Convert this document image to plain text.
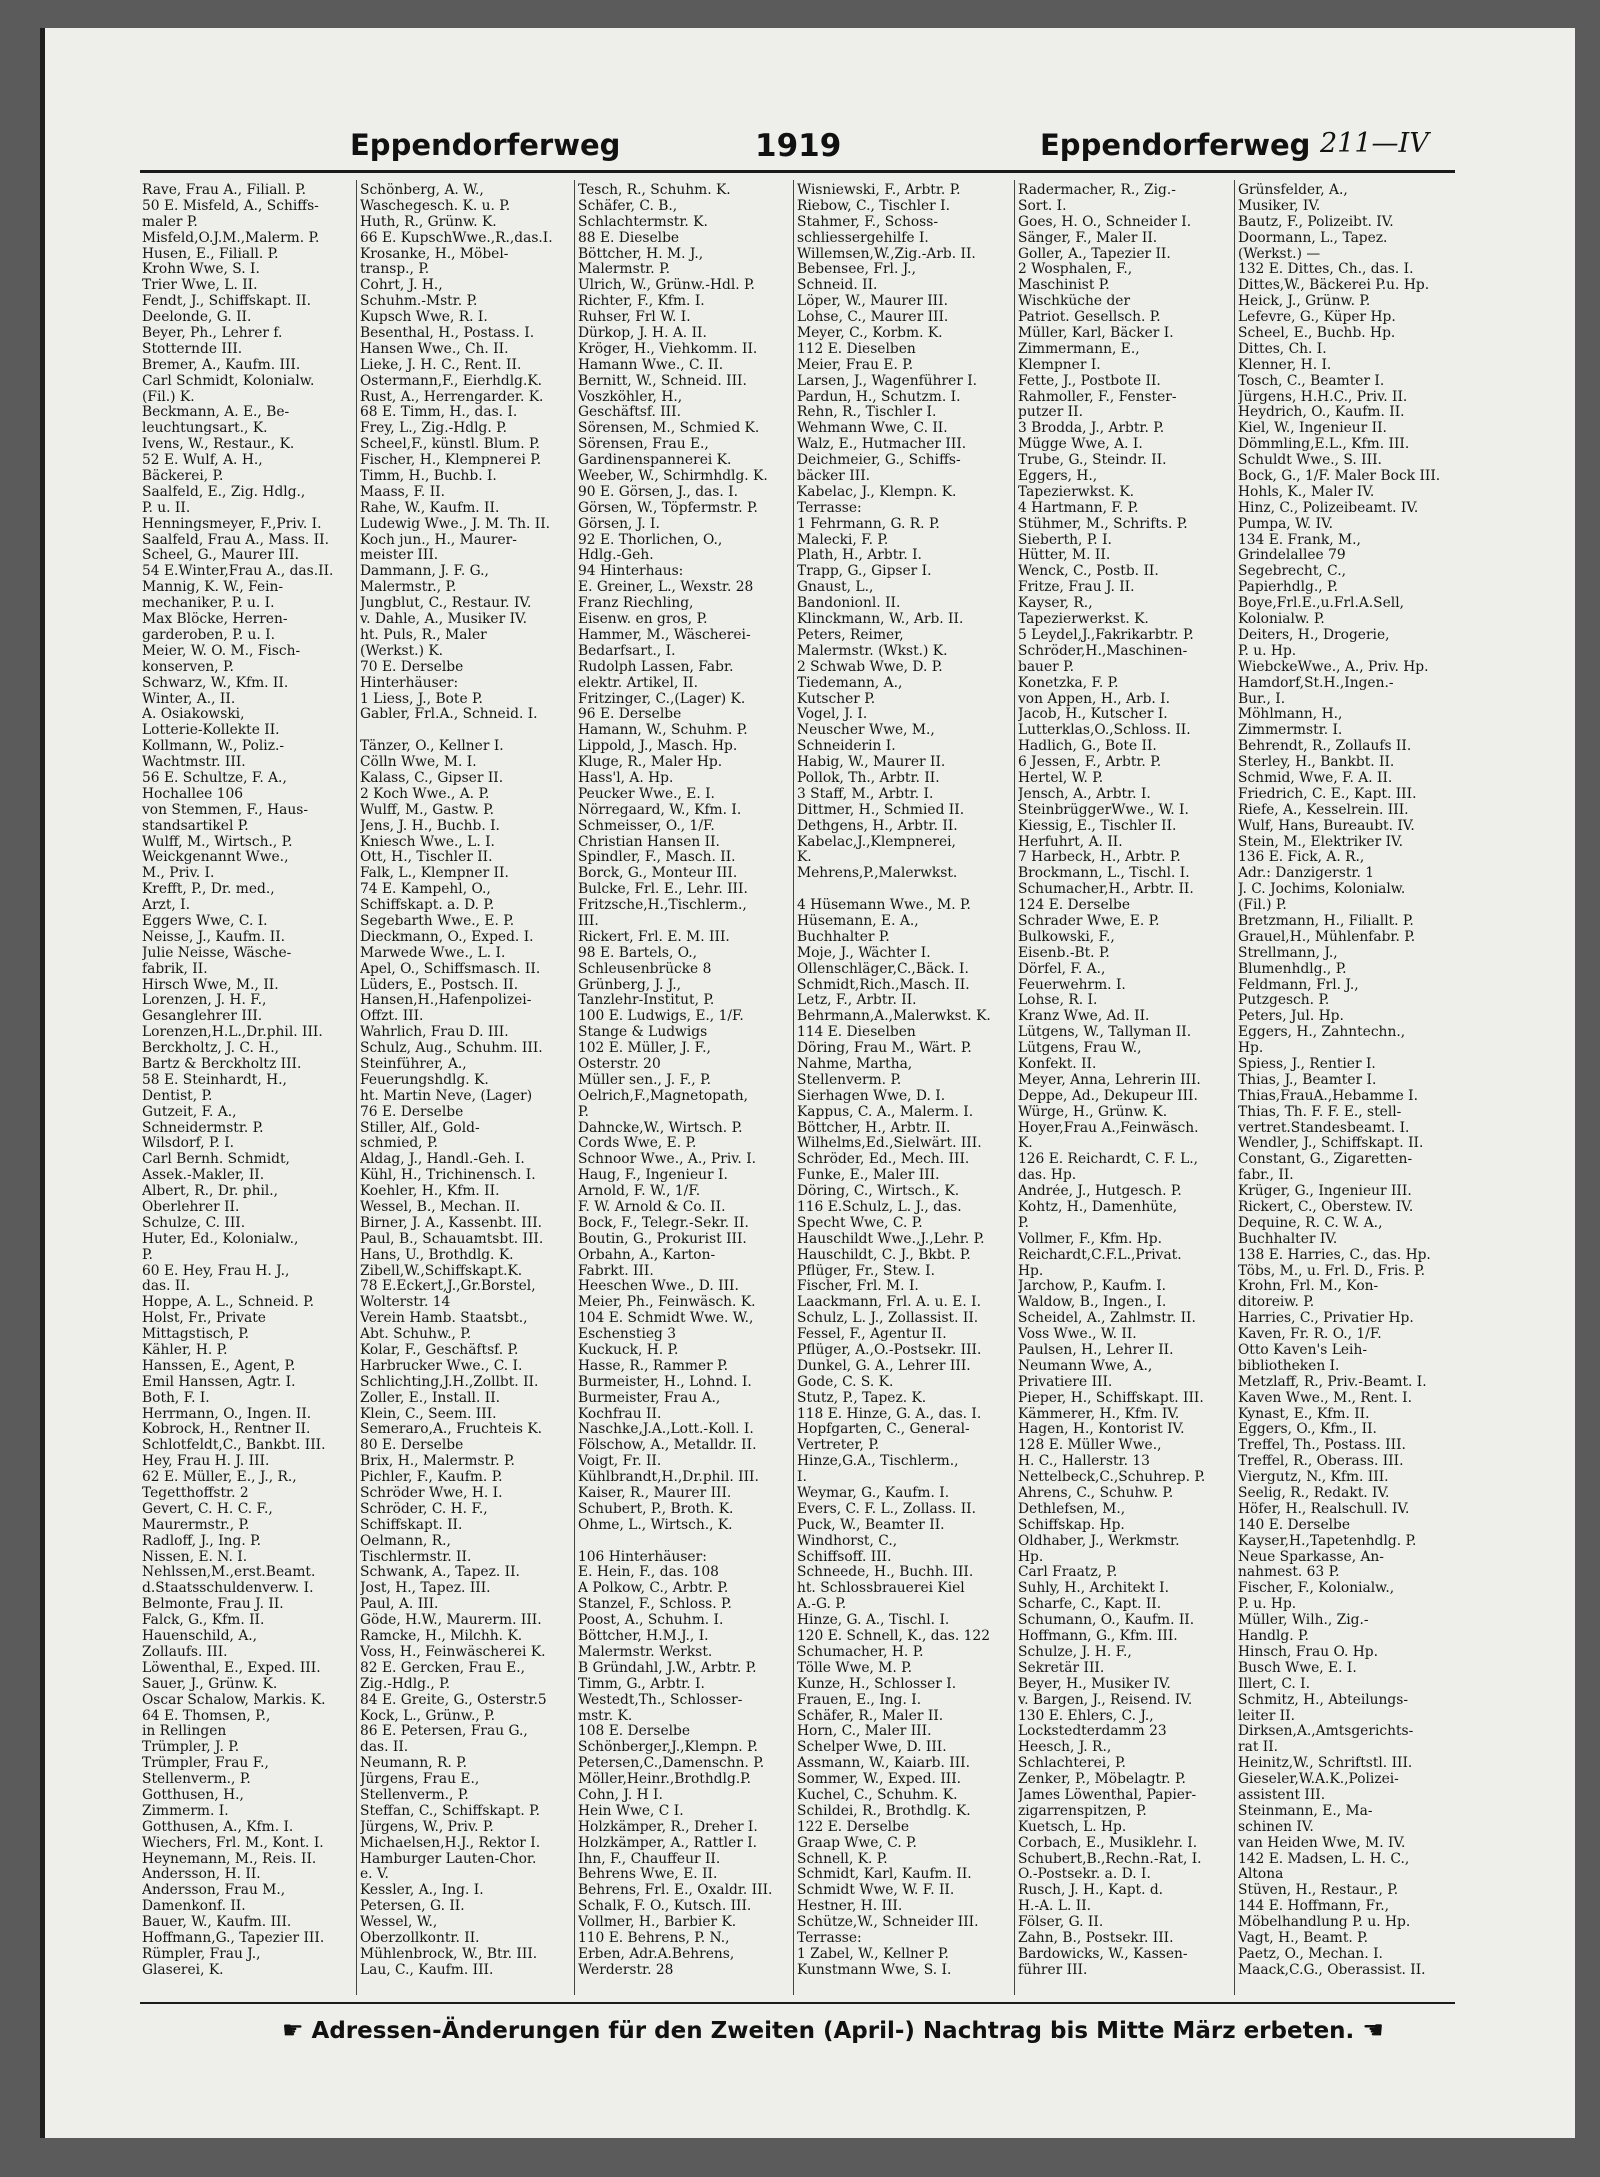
Eppendorferweg	1919	Eppendorferweg 211—IV
Rave, Frau A., Filiall. P.
50 E. Misfeld, A., Schiffs-
maler P.
Misfeld,O.J.M.,Malerm. P.
Husen, E., Filiall. P.
Krohn Wwe, S. I.
Trier Wwe, L. II.
Fendt, J., Schiffskapt. II.
Deelonde, G. II.
Beyer, Ph., Lehrer f.
Stotternde III.
Bremer, A., Kaufm. III.
Carl Schmidt, Kolonialw.
(Fil.) K.
Beckmann, A. E., Be-
leuchtungsart., K.
Ivens, W., Restaur., K.
52 E. Wulf, A. H.,
Bäckerei, P.
Saalfeld, E., Zig. Hdlg.,
P. u. II.
Henningsmeyer, F.,Priv. I.
Saalfeld, Frau A., Mass. II.
Scheel, G., Maurer III.
54 E.Winter,Frau A., das.II.
Mannig, K. W., Fein-
mechaniker, P. u. I.
Max Blöcke, Herren-
garderoben, P. u. I.
Meier, W. O. M., Fisch-
konserven, P.
Schwarz, W., Kfm. II.
Winter, A., II.
A. Osiakowski,
Lotterie-Kollekte II.
Kollmann, W., Poliz.-
Wachtmstr. III.
56 E. Schultze, F. A.,
Hochallee 106
von Stemmen, F., Haus-
standsartikel P.
Wulff, M., Wirtsch., P.
Weickgenannt Wwe.,
M., Priv. I.
Krefft, P., Dr. med.,
Arzt, I.
Eggers Wwe, C. I.
Neisse, J., Kaufm. II.
Julie Neisse, Wäsche-
fabrik, II.
Hirsch Wwe, M., II.
Lorenzen, J. H. F.,
Gesanglehrer III.
Lorenzen,H.L.,Dr.phil. III.
Berckholtz, J. C. H.,
Bartz & Berckholtz III.
58 E. Steinhardt, H.,
Dentist, P.
Gutzeit, F. A.,
Schneidermstr. P.
Wilsdorf, P. I.
Carl Bernh. Schmidt,
Assek.-Makler, II.
Albert, R., Dr. phil.,
Oberlehrer II.
Schulze, C. III.
Huter, Ed., Kolonialw.,
P.
60 E. Hey, Frau H. J.,
das. II.
Hoppe, A. L., Schneid. P.
Holst, Fr., Private
Mittagstisch, P.
Kähler, H. P.
Hanssen, E., Agent, P.
Emil Hanssen, Agtr. I.
Both, F. I.
Herrmann, O., Ingen. II.
Kobrock, H., Rentner II.
Schlotfeldt,C., Bankbt. III.
Hey, Frau H. J. III.
62 E. Müller, E., J., R.,
Tegetthoffstr. 2
Gevert, C. H. C. F.,
Maurermstr., P.
Radloff, J., Ing. P.
Nissen, E. N. I.
Nehlssen,M.,erst.Beamt.
d.Staatsschuldenverw. I.
Belmonte, Frau J. II.
Falck, G., Kfm. II.
Hauenschild, A.,
Zollaufs. III.
Löwenthal, E., Exped. III.
Sauer, J., Grünw. K.
Oscar Schalow, Markis. K.
64 E. Thomsen, P.,
in Rellingen
Trümpler, J. P.
Trümpler, Frau F.,
Stellenverm., P.
Gotthusen, H.,
Zimmerm. I.
Gotthusen, A., Kfm. I.
Wiechers, Frl. M., Kont. I.
Heynemann, M., Reis. II.
Andersson, H. II.
Andersson, Frau M.,
Damenkonf. II.
Bauer, W., Kaufm. III.
Hoffmann,G., Tapezier III.
Rümpler, Frau J.,
Glaserei, K.
Schönberg, A. W.,
Waschegesch. K. u. P.
Huth, R., Grünw. K.
66 E. KupschWwe.,R.,das.I.
Krosanke, H., Möbel-
transp., P.
Cohrt, J. H.,
Schuhm.-Mstr. P.
Kupsch Wwe, R. I.
Besenthal, H., Postass. I.
Hansen Wwe., Ch. II.
Lieke, J. H. C., Rent. II.
Ostermann,F., Eierhdlg.K.
Rust, A., Herrengarder. K.
68 E. Timm, H., das. I.
Frey, L., Zig.-Hdlg. P.
Scheel,F., künstl. Blum. P.
Fischer, H., Klempnerei P.
Timm, H., Buchb. I.
Maass, F. II.
Rahe, W., Kaufm. II.
Ludewig Wwe., J. M. Th. II.
Koch jun., H., Maurer-
meister III.
Dammann, J. F. G.,
Malermstr., P.
Jungblut, C., Restaur. IV.
v. Dahle, A., Musiker IV.
ht. Puls, R., Maler
(Werkst.) K.
70 E. Derselbe
Hinterhäuser:
1 Liess, J., Bote P.
Gabler, Frl.A., Schneid. I.
Tänzer, O., Kellner I.
Cölln Wwe, M. I.
Kalass, C., Gipser II.
2 Koch Wwe., A. P.
Wulff, M., Gastw. P.
Jens, J. H., Buchb. I.
Kniesch Wwe., L. I.
Ott, H., Tischler II.
Falk, L., Klempner II.
74 E. Kampehl, O.,
Schiffskapt. a. D. P.
Segebarth Wwe., E. P.
Dieckmann, O., Exped. I.
Marwede Wwe., L. I.
Apel, O., Schiffsmasch. II.
Lüders, E., Postsch. II.
Hansen,H.,Hafenpolizei-
Offzt. III.
Wahrlich, Frau D. III.
Schulz, Aug., Schuhm. III.
Steinführer, A.,
Feuerungshdlg. K.
ht. Martin Neve, (Lager)
76 E. Derselbe
Stiller, Alf., Gold-
schmied, P.
Aldag, J., Handl.-Geh. I.
Kühl, H., Trichinensch. I.
Koehler, H., Kfm. II.
Wessel, B., Mechan. II.
Birner, J. A., Kassenbt. III.
Paul, B., Schauamtsbt. III.
Hans, U., Brothdlg. K.
Zibell,W.,Schiffskapt.K.
78 E.Eckert,J.,Gr.Borstel,
Wolterstr. 14
Verein Hamb. Staatsbt.,
Abt. Schuhw., P.
Kolar, F., Geschäftsf. P.
Harbrucker Wwe., C. I.
Schlichting,J.H.,Zollbt. II.
Zoller, E., Install. II.
Klein, C., Seem. III.
Semeraro,A., Fruchteis K.
80 E. Derselbe
Brix, H., Malermstr. P.
Pichler, F., Kaufm. P.
Schröder Wwe, H. I.
Schröder, C. H. F.,
Schiffskapt. II.
Oelmann, R.,
Tischlermstr. II.
Schwank, A., Tapez. II.
Jost, H., Tapez. III.
Paul, A. III.
Göde, H.W., Maurerm. III.
Ramcke, H., Milchh. K.
Voss, H., Feinwäscherei K.
82 E. Gercken, Frau E.,
Zig.-Hdlg., P.
84 E. Greite, G., Osterstr.5
Kock, L., Grünw., P.
86 E. Petersen, Frau G.,
das. II.
Neumann, R. P.
Jürgens, Frau E.,
Stellenverm., P.
Steffan, C., Schiffskapt. P.
Jürgens, W., Priv. P.
Michaelsen,H.J., Rektor I.
Hamburger Lauten-Chor.
e. V.
Kessler, A., Ing. I.
Petersen, G. II.
Wessel, W.,
Oberzollkontr. II.
Mühlenbrock, W., Btr. III.
Lau, C., Kaufm. III.
Tesch, R., Schuhm. K.
Schäfer, C. B.,
Schlachtermstr. K.
88 E. Dieselbe
Böttcher, H. M. J.,
Malermstr. P.
Ulrich, W., Grünw.-Hdl. P.
Richter, F., Kfm. I.
Ruhser, Frl W. I.
Dürkop, J. H. A. II.
Kröger, H., Viehkomm. II.
Hamann Wwe., C. II.
Bernitt, W., Schneid. III.
Voszköhler, H.,
Geschäftsf. III.
Sörensen, M., Schmied K.
Sörensen, Frau E.,
Gardinenspannerei K.
Weeber, W., Schirmhdlg. K.
90 E. Görsen, J., das. I.
Görsen, W., Töpfermstr. P.
Görsen, J. I.
92 E. Thorlichen, O.,
Hdlg.-Geh.
94 Hinterhaus:
E. Greiner, L., Wexstr. 28
Franz Riechling,
Eisenw. en gros, P.
Hammer, M., Wäscherei-
Bedarfsart., I.
Rudolph Lassen, Fabr.
elektr. Artikel, II.
Fritzinger, C.,(Lager) K.
96 E. Derselbe
Hamann, W., Schuhm. P.
Lippold, J., Masch. Hp.
Kluge, R., Maler Hp.
Hass'l, A. Hp.
Peucker Wwe., E. I.
Nörregaard, W., Kfm. I.
Schmeisser, O., 1/F.
Christian Hansen II.
Spindler, F., Masch. II.
Borck, G., Monteur III.
Bulcke, Frl. E., Lehr. III.
Fritzsche,H.,Tischlerm.,
III.
Rickert, Frl. E. M. III.
98 E. Bartels, O.,
Schleusenbrücke 8
Grünberg, J. J.,
Tanzlehr-Institut, P.
100 E. Ludwigs, E., 1/F.
Stange & Ludwigs
102 E. Müller, J. F.,
Osterstr. 20
Müller sen., J. F., P.
Oelrich,F.,Magnetopath,
P.
Dahncke,W., Wirtsch. P.
Cords Wwe, E. P.
Schnoor Wwe., A., Priv. I.
Haug, F., Ingenieur I.
Arnold, F. W., 1/F.
F. W. Arnold & Co. II.
Bock, F., Telegr.-Sekr. II.
Boutin, G., Prokurist III.
Orbahn, A., Karton-
Fabrkt. III.
Heeschen Wwe., D. III.
Meier, Ph., Feinwäsch. K.
104 E. Schmidt Wwe. W.,
Eschenstieg 3
Kuckuck, H. P.
Hasse, R., Rammer P.
Burmeister, H., Lohnd. I.
Burmeister, Frau A.,
Kochfrau II.
Naschke,J.A.,Lott.-Koll. I.
Fölschow, A., Metalldr. II.
Voigt, Fr. II.
Kühlbrandt,H.,Dr.phil. III.
Kaiser, R., Maurer III.
Schubert, P., Broth. K.
Ohme, L., Wirtsch., K.
106 Hinterhäuser:
E. Hein, F., das. 108
A Polkow, C., Arbtr. P.
Stanzel, F., Schloss. P.
Poost, A., Schuhm. I.
Böttcher, H.M.J., I.
Malermstr. Werkst.
B Gründahl, J.W., Arbtr. P.
Timm, G., Arbtr. I.
Westedt,Th., Schlosser-
mstr. K.
108 E. Derselbe
Schönberger,J.,Klempn. P.
Petersen,C.,Damenschn. P.
Möller,Heinr.,Brothdlg.P.
Cohn, J. H I.
Hein Wwe, C I.
Holzkämper, R., Dreher I.
Holzkämper, A., Rattler I.
Ihn, F., Chauffeur II.
Behrens Wwe, E. II.
Behrens, Frl. E., Oxaldr. III.
Schalk, F. O., Kutsch. III.
Vollmer, H., Barbier K.
110 E. Behrens, P. N.,
Erben, Adr.A.Behrens,
Werderstr. 28
Wisniewski, F., Arbtr. P.
Riebow, C., Tischler I.
Stahmer, F., Schoss-
schliessergehilfe I.
Willemsen,W.,Zig.-Arb. II.
Bebensee, Frl. J.,
Schneid. II.
Löper, W., Maurer III.
Lohse, C., Maurer III.
Meyer, C., Korbm. K.
112 E. Dieselben
Meier, Frau E. P.
Larsen, J., Wagenführer I.
Pardun, H., Schutzm. I.
Rehn, R., Tischler I.
Wehmann Wwe, C. II.
Walz, E., Hutmacher III.
Deichmeier, G., Schiffs-
bäcker III.
Kabelac, J., Klempn. K.
Terrasse:
1 Fehrmann, G. R. P.
Malecki, F. P.
Plath, H., Arbtr. I.
Trapp, G., Gipser I.
Gnaust, L.,
Bandonionl. II.
Klinckmann, W., Arb. II.
Peters, Reimer,
Malermstr. (Wkst.) K.
2 Schwab Wwe, D. P.
Tiedemann, A.,
Kutscher P.
Vogel, J. I.
Neuscher Wwe, M.,
Schneiderin I.
Habig, W., Maurer II.
Pollok, Th., Arbtr. II.
3 Staff, M., Arbtr. I.
Dittmer, H., Schmied II.
Dethgens, H., Arbtr. II.
Kabelac,J.,Klempnerei,
K.
Mehrens,P.,Malerwkst.
4 Hüsemann Wwe., M. P.
Hüsemann, E. A.,
Buchhalter P.
Moje, J., Wächter I.
Ollenschläger,C.,Bäck. I.
Schmidt,Rich.,Masch. II.
Letz, F., Arbtr. II.
Behrmann,A.,Malerwkst. K.
114 E. Dieselben
Döring, Frau M., Wärt. P.
Nahme, Martha,
Stellenverm. P.
Sierhagen Wwe, D. I.
Kappus, C. A., Malerm. I.
Böttcher, H., Arbtr. II.
Wilhelms,Ed.,Sielwärt. III.
Schröder, Ed., Mech. III.
Funke, E., Maler III.
Döring, C., Wirtsch., K.
116 E.Schulz, L. J., das.
Specht Wwe, C. P.
Hauschildt Wwe.,J.,Lehr. P.
Hauschildt, C. J., Bkbt. P.
Pflüger, Fr., Stew. I.
Fischer, Frl. M. I.
Laackmann, Frl. A. u. E. I.
Schulz, L. J., Zollassist. II.
Fessel, F., Agentur II.
Pflüger, A.,O.-Postsekr. III.
Dunkel, G. A., Lehrer III.
Gode, C. S. K.
Stutz, P., Tapez. K.
118 E. Hinze, G. A., das. I.
Hopfgarten, C., General-
Vertreter, P.
Hinze,G.A., Tischlerm.,
I.
Weymar, G., Kaufm. I.
Evers, C. F. L., Zollass. II.
Puck, W., Beamter II.
Windhorst, C.,
Schiffsoff. III.
Schneede, H., Buchh. III.
ht. Schlossbrauerei Kiel
A.-G. P.
Hinze, G. A., Tischl. I.
120 E. Schnell, K., das. 122
Schumacher, H. P.
Tölle Wwe, M. P.
Kunze, H., Schlosser I.
Frauen, E., Ing. I.
Schäfer, R., Maler II.
Horn, C., Maler III.
Schelper Wwe, D. III.
Assmann, W., Kaiarb. III.
Sommer, W., Exped. III.
Kuchel, C., Schuhm. K.
Schildei, R., Brothdlg. K.
122 E. Derselbe
Graap Wwe, C. P.
Schnell, K. P.
Schmidt, Karl, Kaufm. II.
Schmidt Wwe, W. F. II.
Hestner, H. III.
Schütze,W., Schneider III.
Terrasse:
1 Zabel, W., Kellner P.
Kunstmann Wwe, S. I.
Radermacher, R., Zig.-
Sort. I.
Goes, H. O., Schneider I.
Sänger, F., Maler II.
Goller, A., Tapezier II.
2 Wosphalen, F.,
Maschinist P.
Wischküche der
Patriot. Gesellsch. P.
Müller, Karl, Bäcker I.
Zimmermann, E.,
Klempner I.
Fette, J., Postbote II.
Rahmoller, F., Fenster-
putzer II.
3 Brodda, J., Arbtr. P.
Mügge Wwe, A. I.
Trube, G., Steindr. II.
Eggers, H.,
Tapezierwkst. K.
4 Hartmann, F. P.
Stühmer, M., Schrifts. P.
Sieberth, P. I.
Hütter, M. II.
Wenck, C., Postb. II.
Fritze, Frau J. II.
Kayser, R.,
Tapezierwerkst. K.
5 Leydel,J.,Fakrikarbtr. P.
Schröder,H.,Maschinen-
bauer P.
Konetzka, F. P.
von Appen, H., Arb. I.
Jacob, H., Kutscher I.
Lutterklas,O.,Schloss. II.
Hadlich, G., Bote II.
6 Jessen, F., Arbtr. P.
Hertel, W. P.
Jensch, A., Arbtr. I.
SteinbrüggerWwe., W. I.
Kiessig, E., Tischler II.
Herfuhrt, A. II.
7 Harbeck, H., Arbtr. P.
Brockmann, L., Tischl. I.
Schumacher,H., Arbtr. II.
124 E. Derselbe
Schrader Wwe, E. P.
Bulkowski, F.,
Eisenb.-Bt. P.
Dörfel, F. A.,
Feuerwehrm. I.
Lohse, R. I.
Kranz Wwe, Ad. II.
Lütgens, W., Tallyman II.
Lütgens, Frau W.,
Konfekt. II.
Meyer, Anna, Lehrerin III.
Deppe, Ad., Dekupeur III.
Würge, H., Grünw. K.
Hoyer,Frau A.,Feinwäsch.
K.
126 E. Reichardt, C. F. L.,
das. Hp.
Andrée, J., Hutgesch. P.
Kohtz, H., Damenhüte,
P.
Vollmer, F., Kfm. Hp.
Reichardt,C.F.L.,Privat.
Hp.
Jarchow, P., Kaufm. I.
Waldow, B., Ingen., I.
Scheidel, A., Zahlmstr. II.
Voss Wwe., W. II.
Paulsen, H., Lehrer II.
Neumann Wwe, A.,
Privatiere III.
Pieper, H., Schiffskapt. III.
Kämmerer, H., Kfm. IV.
Hagen, H., Kontorist IV.
128 E. Müller Wwe.,
H. C., Hallerstr. 13
Nettelbeck,C.,Schuhrep. P.
Ahrens, C., Schuhw. P.
Dethlefsen, M.,
Schiffskap. Hp.
Oldhaber, J., Werkmstr.
Hp.
Carl Fraatz, P.
Suhly, H., Architekt I.
Scharfe, C., Kapt. II.
Schumann, O., Kaufm. II.
Hoffmann, G., Kfm. III.
Schulze, J. H. F.,
Sekretär III.
Beyer, H., Musiker IV.
v. Bargen, J., Reisend. IV.
130 E. Ehlers, C. J.,
Lockstedterdamm 23
Heesch, J. R.,
Schlachterei, P.
Zenker, P., Möbelagtr. P.
James Löwenthal, Papier-
zigarrenspitzen, P.
Kuetsch, L. Hp.
Corbach, E., Musiklehr. I.
Schubert,B.,Rechn.-Rat, I.
O.-Postsekr. a. D. I.
Rusch, J. H., Kapt. d.
H.-A. L. II.
Fölser, G. II.
Zahn, B., Postsekr. III.
Bardowicks, W., Kassen-
führer III.
Grünsfelder, A.,
Musiker, IV.
Bautz, F., Polizeibt. IV.
Doormann, L., Tapez.
(Werkst.) —
132 E. Dittes, Ch., das. I.
Dittes,W., Bäckerei P.u. Hp.
Heick, J., Grünw. P.
Lefevre, G., Küper Hp.
Scheel, E., Buchb. Hp.
Dittes, Ch. I.
Klenner, H. I.
Tosch, C., Beamter I.
Jürgens, H.H.C., Priv. II.
Heydrich, O., Kaufm. II.
Kiel, W., Ingenieur II.
Dömmling,E.L., Kfm. III.
Schuldt Wwe., S. III.
Bock, G., 1/F. Maler Bock III.
Hohls, K., Maler IV.
Hinz, C., Polizeibeamt. IV.
Pumpa, W. IV.
134 E. Frank, M.,
Grindelallee 79
Segebrecht, C.,
Papierhdlg., P.
Boye,Frl.E.,u.Frl.A.Sell,
Kolonialw. P.
Deiters, H., Drogerie,
P. u. Hp.
WiebckeWwe., A., Priv. Hp.
Hamdorf,St.H.,Ingen.-
Bur., I.
Möhlmann, H.,
Zimmermstr. I.
Behrendt, R., Zollaufs II.
Sterley, H., Bankbt. II.
Schmid, Wwe, F. A. II.
Friedrich, C. E., Kapt. III.
Riefe, A., Kesselrein. III.
Wulf, Hans, Bureaubt. IV.
Stein, M., Elektriker IV.
136 E. Fick, A. R.,
Adr.: Danzigerstr. 1
J. C. Jochims, Kolonialw.
(Fil.) P.
Bretzmann, H., Filiallt. P.
Grauel,H., Mühlenfabr. P.
Strellmann, J.,
Blumenhdlg., P.
Feldmann, Frl. J.,
Putzgesch. P.
Peters, Jul. Hp.
Eggers, H., Zahntechn.,
Hp.
Spiess, J., Rentier I.
Thias, J., Beamter I.
Thias,FrauA.,Hebamme I.
Thias, Th. F. F. E., stell-
vertret.Standesbeamt. I.
Wendler, J., Schiffskapt. II.
Constant, G., Zigaretten-
fabr., II.
Krüger, G., Ingenieur III.
Rickert, C., Oberstew. IV.
Dequine, R. C. W. A.,
Buchhalter IV.
138 E. Harries, C., das. Hp.
Töbs, M., u. Frl. D., Fris. P.
Krohn, Frl. M., Kon-
ditoreiw. P.
Harries, C., Privatier Hp.
Kaven, Fr. R. O., 1/F.
Otto Kaven's Leih-
bibliotheken I.
Metzlaff, R., Priv.-Beamt. I.
Kaven Wwe., M., Rent. I.
Kynast, E., Kfm. II.
Eggers, O., Kfm., II.
Treffel, Th., Postass. III.
Treffel, R., Oberass. III.
Viergutz, N., Kfm. III.
Seelig, R., Redakt. IV.
Höfer, H., Realschull. IV.
140 E. Derselbe
Kayser,H.,Tapetenhdlg. P.
Neue Sparkasse, An-
nahmest. 63 P.
Fischer, F., Kolonialw.,
P. u. Hp.
Müller, Wilh., Zig.-
Handlg. P.
Hinsch, Frau O. Hp.
Busch Wwe, E. I.
Illert, C. I.
Schmitz, H., Abteilungs-
leiter II.
Dirksen,A.,Amtsgerichts-
rat II.
Heinitz,W., Schriftstl. III.
Gieseler,W.A.K.,Polizei-
assistent III.
Steinmann, E., Ma-
schinen IV.
van Heiden Wwe, M. IV.
142 E. Madsen, L. H. C.,
Altona
Stüven, H., Restaur., P.
144 E. Hoffmann, Fr.,
Möbelhandlung P. u. Hp.
Vagt, H., Beamt. P.
Paetz, O., Mechan. I.
Maack,C.G., Oberassist. II.
☛ Adressen-Änderungen für den Zweiten (April-) Nachtrag bis Mitte März erbeten. ☚
